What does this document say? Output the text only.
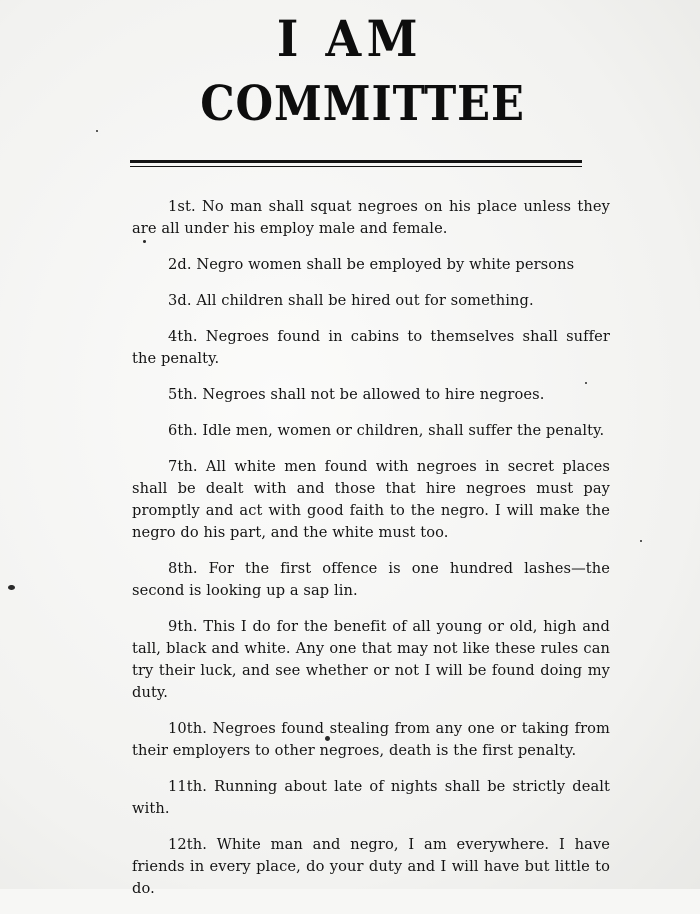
I AM
COMMITTEE

1st. No man shall squat negroes on his place unless they are all under his employ male and female.

2d. Negro women shall be employed by white persons

3d. All children shall be hired out for something.

4th. Negroes found in cabins to themselves shall suffer the penalty.

5th. Negroes shall not be allowed to hire negroes.

6th. Idle men, women or children, shall suffer the penalty.

7th. All white men found with negroes in secret places shall be dealt with and those that hire negroes must pay promptly and act with good faith to the negro. I will make the negro do his part, and the white must too.

8th. For the first offence is one hundred lashes—the second is looking up a sap lin.

9th. This I do for the benefit of all young or old, high and tall, black and white. Any one that may not like these rules can try their luck, and see whether or not I will be found doing my duty.

10th. Negroes found stealing from any one or taking from their employers to other negroes, death is the first penalty.

11th. Running about late of nights shall be strictly dealt with.

12th. White man and negro, I am everywhere. I have friends in every place, do your duty and I will have but little to do.
